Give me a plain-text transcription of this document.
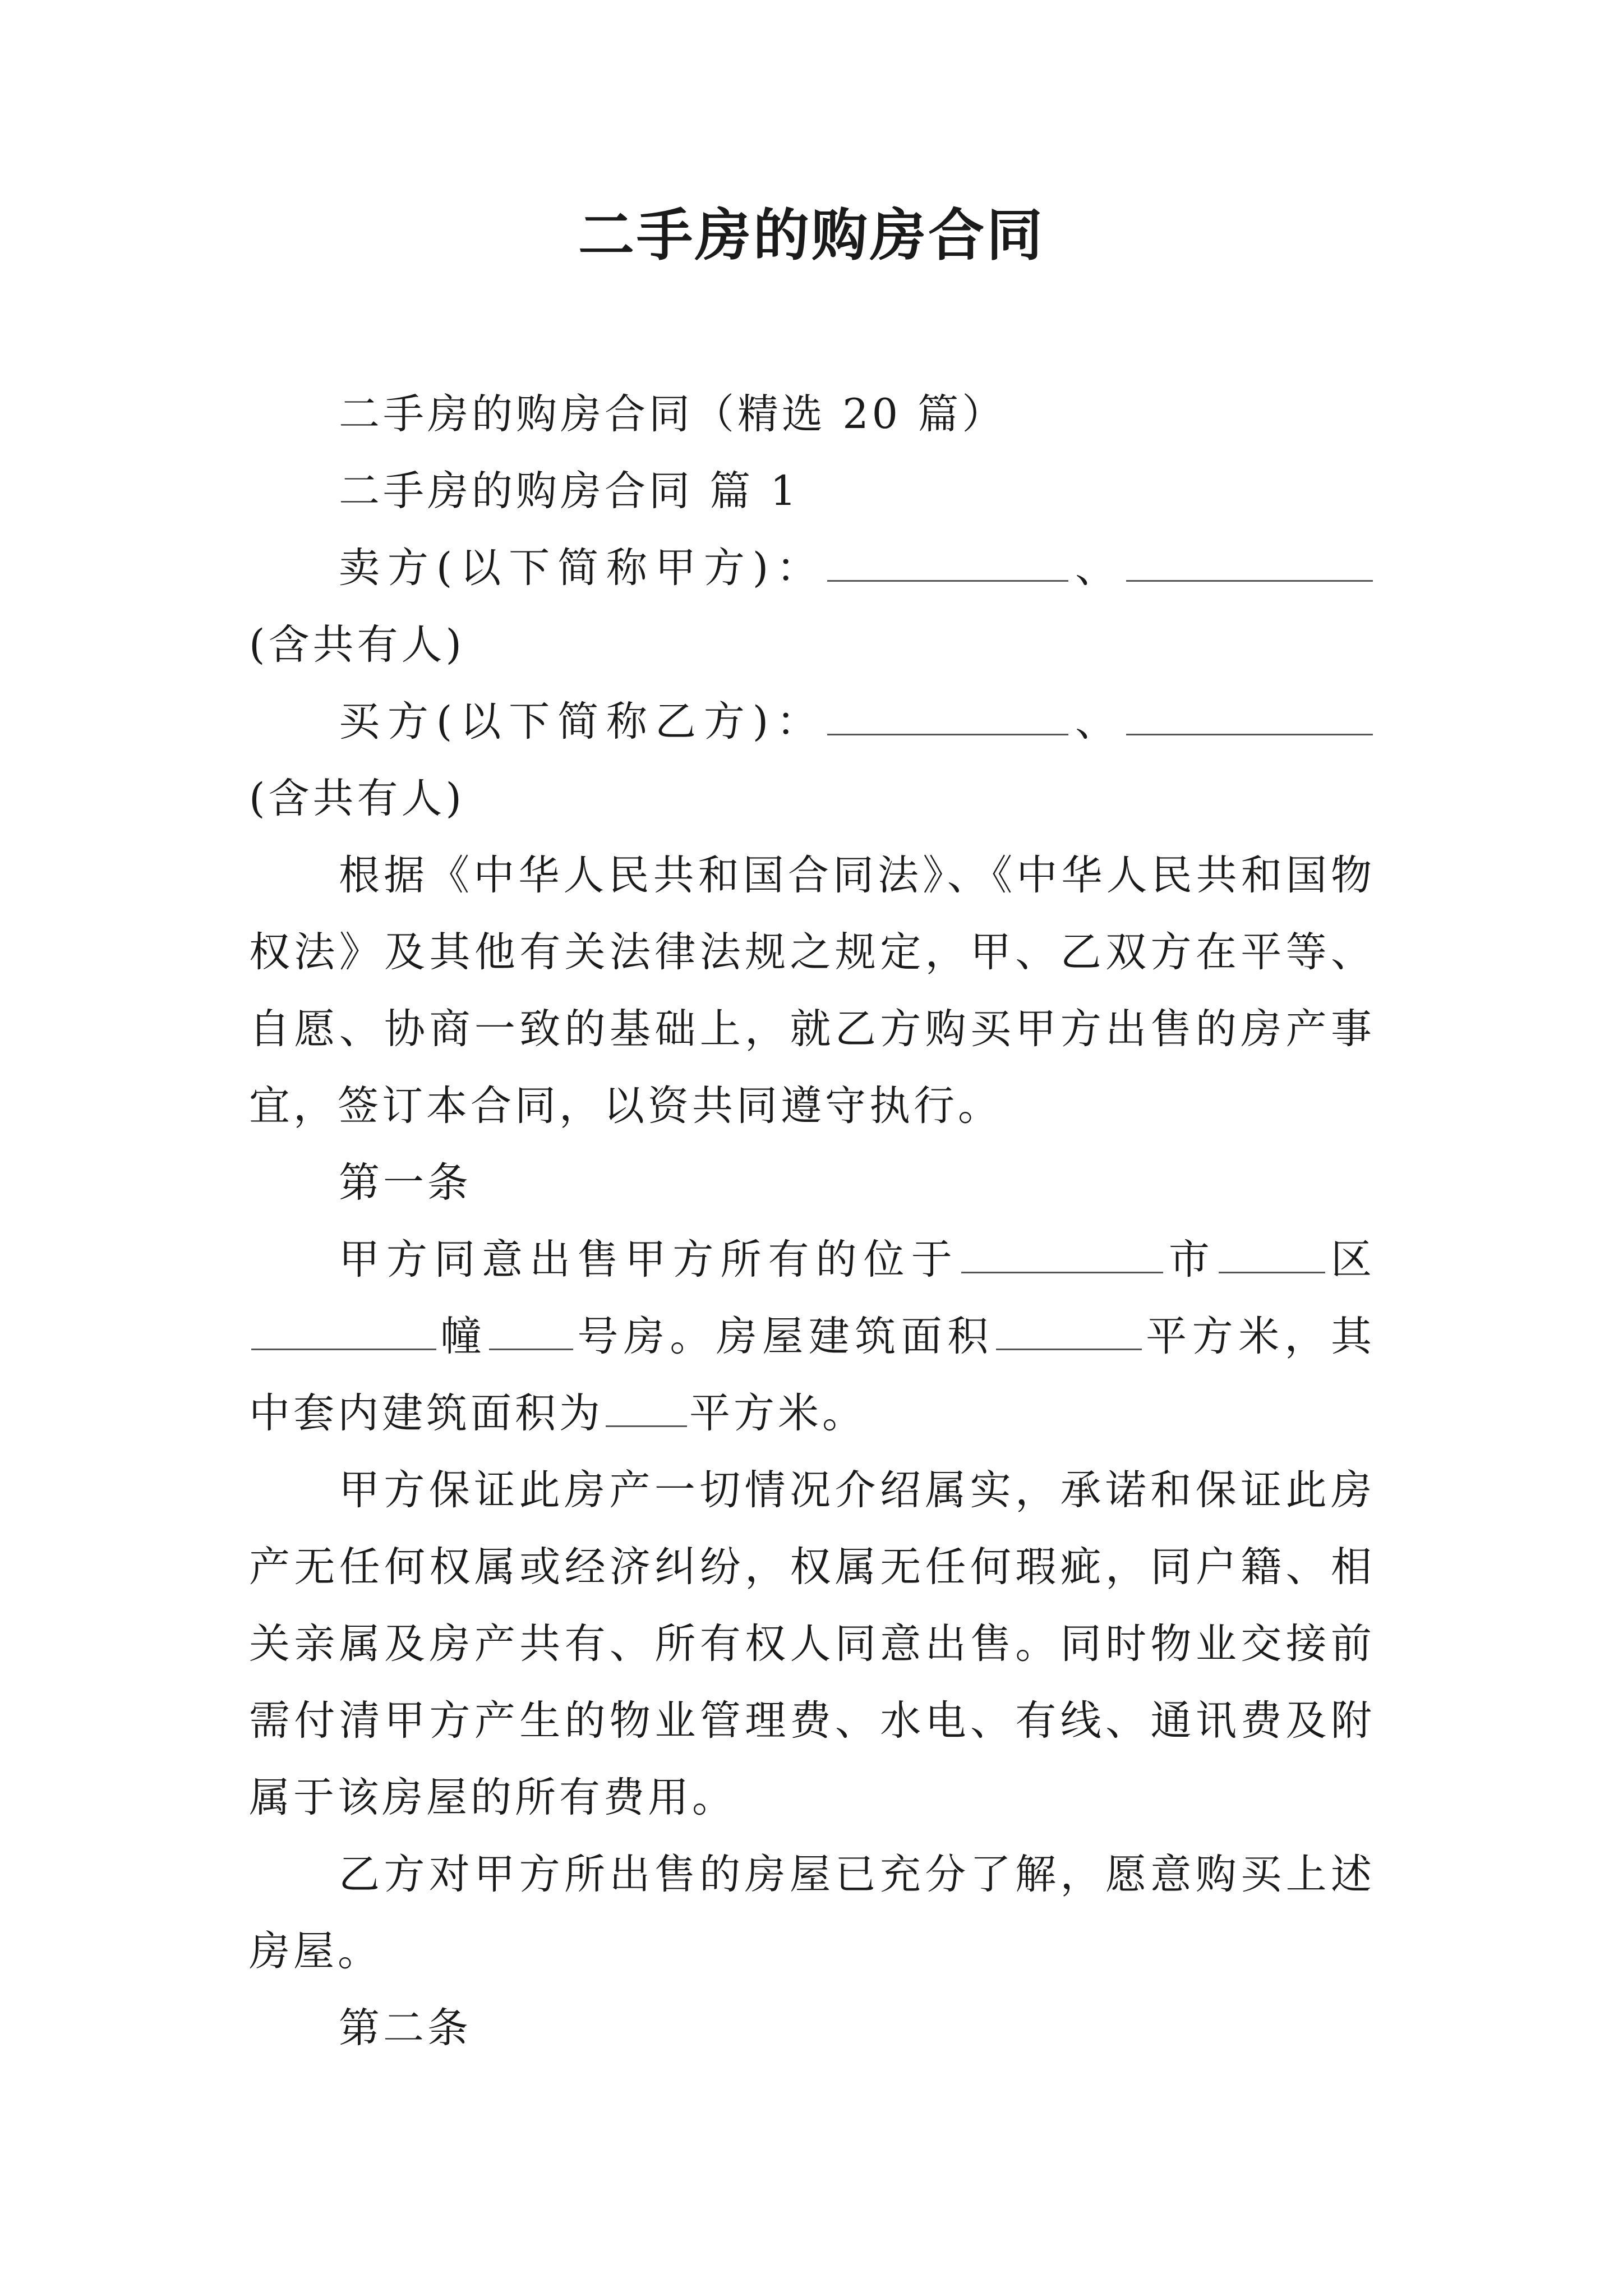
二手房的购房合同

二手房的购房合同（精选 20 篇）

二手房的购房合同 篇 1

卖方(以下简称甲方)：	、(含共有人)

买方(以下简称乙方)：	、(含共有人)

根据《中华人民共和国合同法》、《中华人民共和国物权法》及其他有关法律法规之规定，甲、乙双方在平等、自愿、协商一致的基础上，就乙方购买甲方出售的房产事宜，签订本合同，以资共同遵守执行。

第一条

甲方同意出售甲方所有的位于	市	区幢 号房。房屋建筑面积	平方米，其中套内建筑面积为 平方米。

甲方保证此房产一切情况介绍属实，承诺和保证此房产无任何权属或经济纠纷，权属无任何瑕疵，同户籍、相关亲属及房产共有、所有权人同意出售。同时物业交接前需付清甲方产生的物业管理费、水电、有线、通讯费及附属于该房屋的所有费用。

乙方对甲方所出售的房屋已充分了解，愿意购买上述房屋。

第二条
